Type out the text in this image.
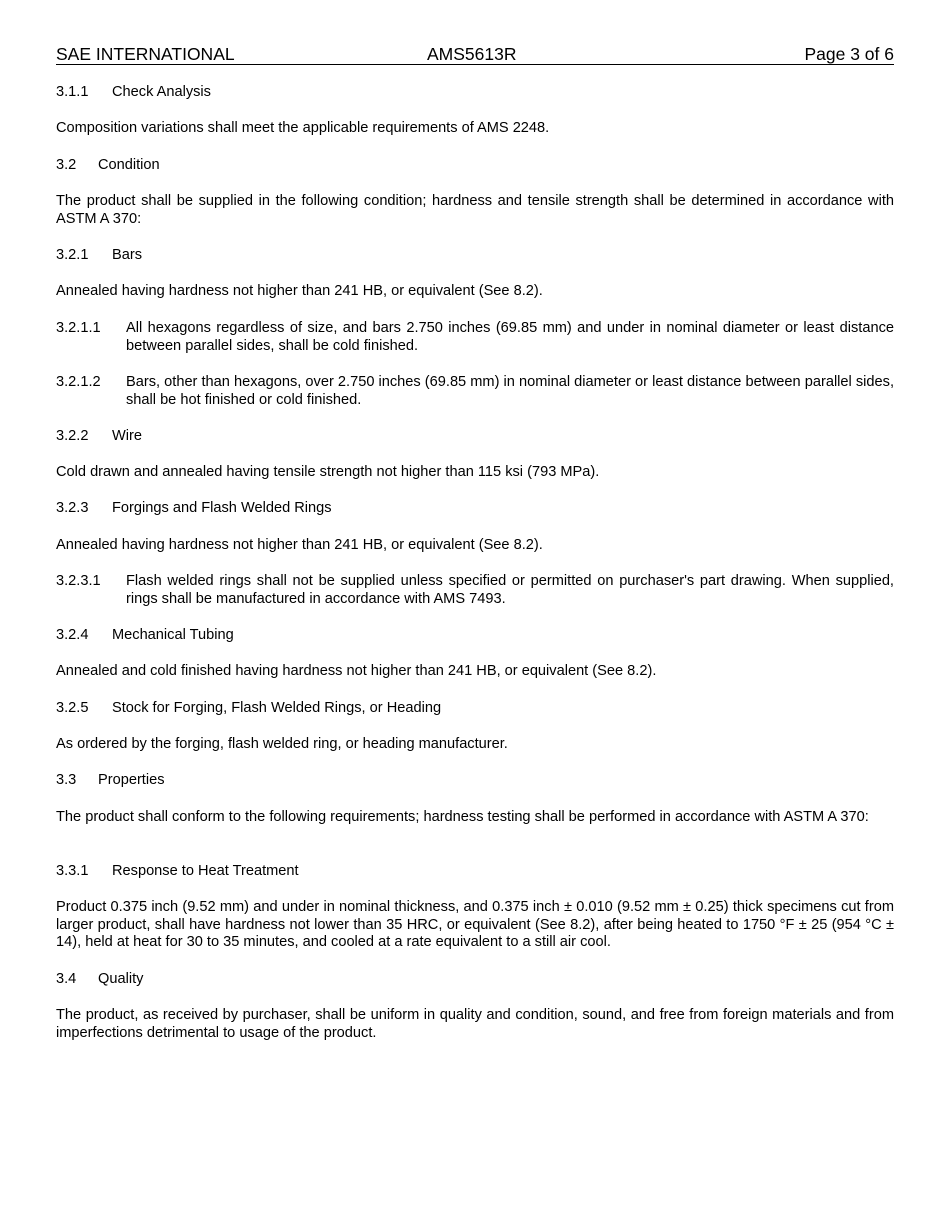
SAE INTERNATIONAL	AMS5613R	Page 3 of 6
3.1.1 Check Analysis
Composition variations shall meet the applicable requirements of AMS 2248.
3.2 Condition
The product shall be supplied in the following condition; hardness and tensile strength shall be determined in accordance with ASTM A 370:
3.2.1 Bars
Annealed having hardness not higher than 241 HB, or equivalent (See 8.2).
3.2.1.1 All hexagons regardless of size, and bars 2.750 inches (69.85 mm) and under in nominal diameter or least distance between parallel sides, shall be cold finished.
3.2.1.2 Bars, other than hexagons, over 2.750 inches (69.85 mm) in nominal diameter or least distance between parallel sides, shall be hot finished or cold finished.
3.2.2 Wire
Cold drawn and annealed having tensile strength not higher than 115 ksi (793 MPa).
3.2.3 Forgings and Flash Welded Rings
Annealed having hardness not higher than 241 HB, or equivalent (See 8.2).
3.2.3.1 Flash welded rings shall not be supplied unless specified or permitted on purchaser's part drawing. When supplied, rings shall be manufactured in accordance with AMS 7493.
3.2.4 Mechanical Tubing
Annealed and cold finished having hardness not higher than 241 HB, or equivalent (See 8.2).
3.2.5 Stock for Forging, Flash Welded Rings, or Heading
As ordered by the forging, flash welded ring, or heading manufacturer.
3.3 Properties
The product shall conform to the following requirements; hardness testing shall be performed in accordance with ASTM A 370:
3.3.1 Response to Heat Treatment
Product 0.375 inch (9.52 mm) and under in nominal thickness, and 0.375 inch ± 0.010 (9.52 mm ± 0.25) thick specimens cut from larger product, shall have hardness not lower than 35 HRC, or equivalent (See 8.2), after being heated to 1750 °F ± 25 (954 °C ± 14), held at heat for 30 to 35 minutes, and cooled at a rate equivalent to a still air cool.
3.4 Quality
The product, as received by purchaser, shall be uniform in quality and condition, sound, and free from foreign materials and from imperfections detrimental to usage of the product.
